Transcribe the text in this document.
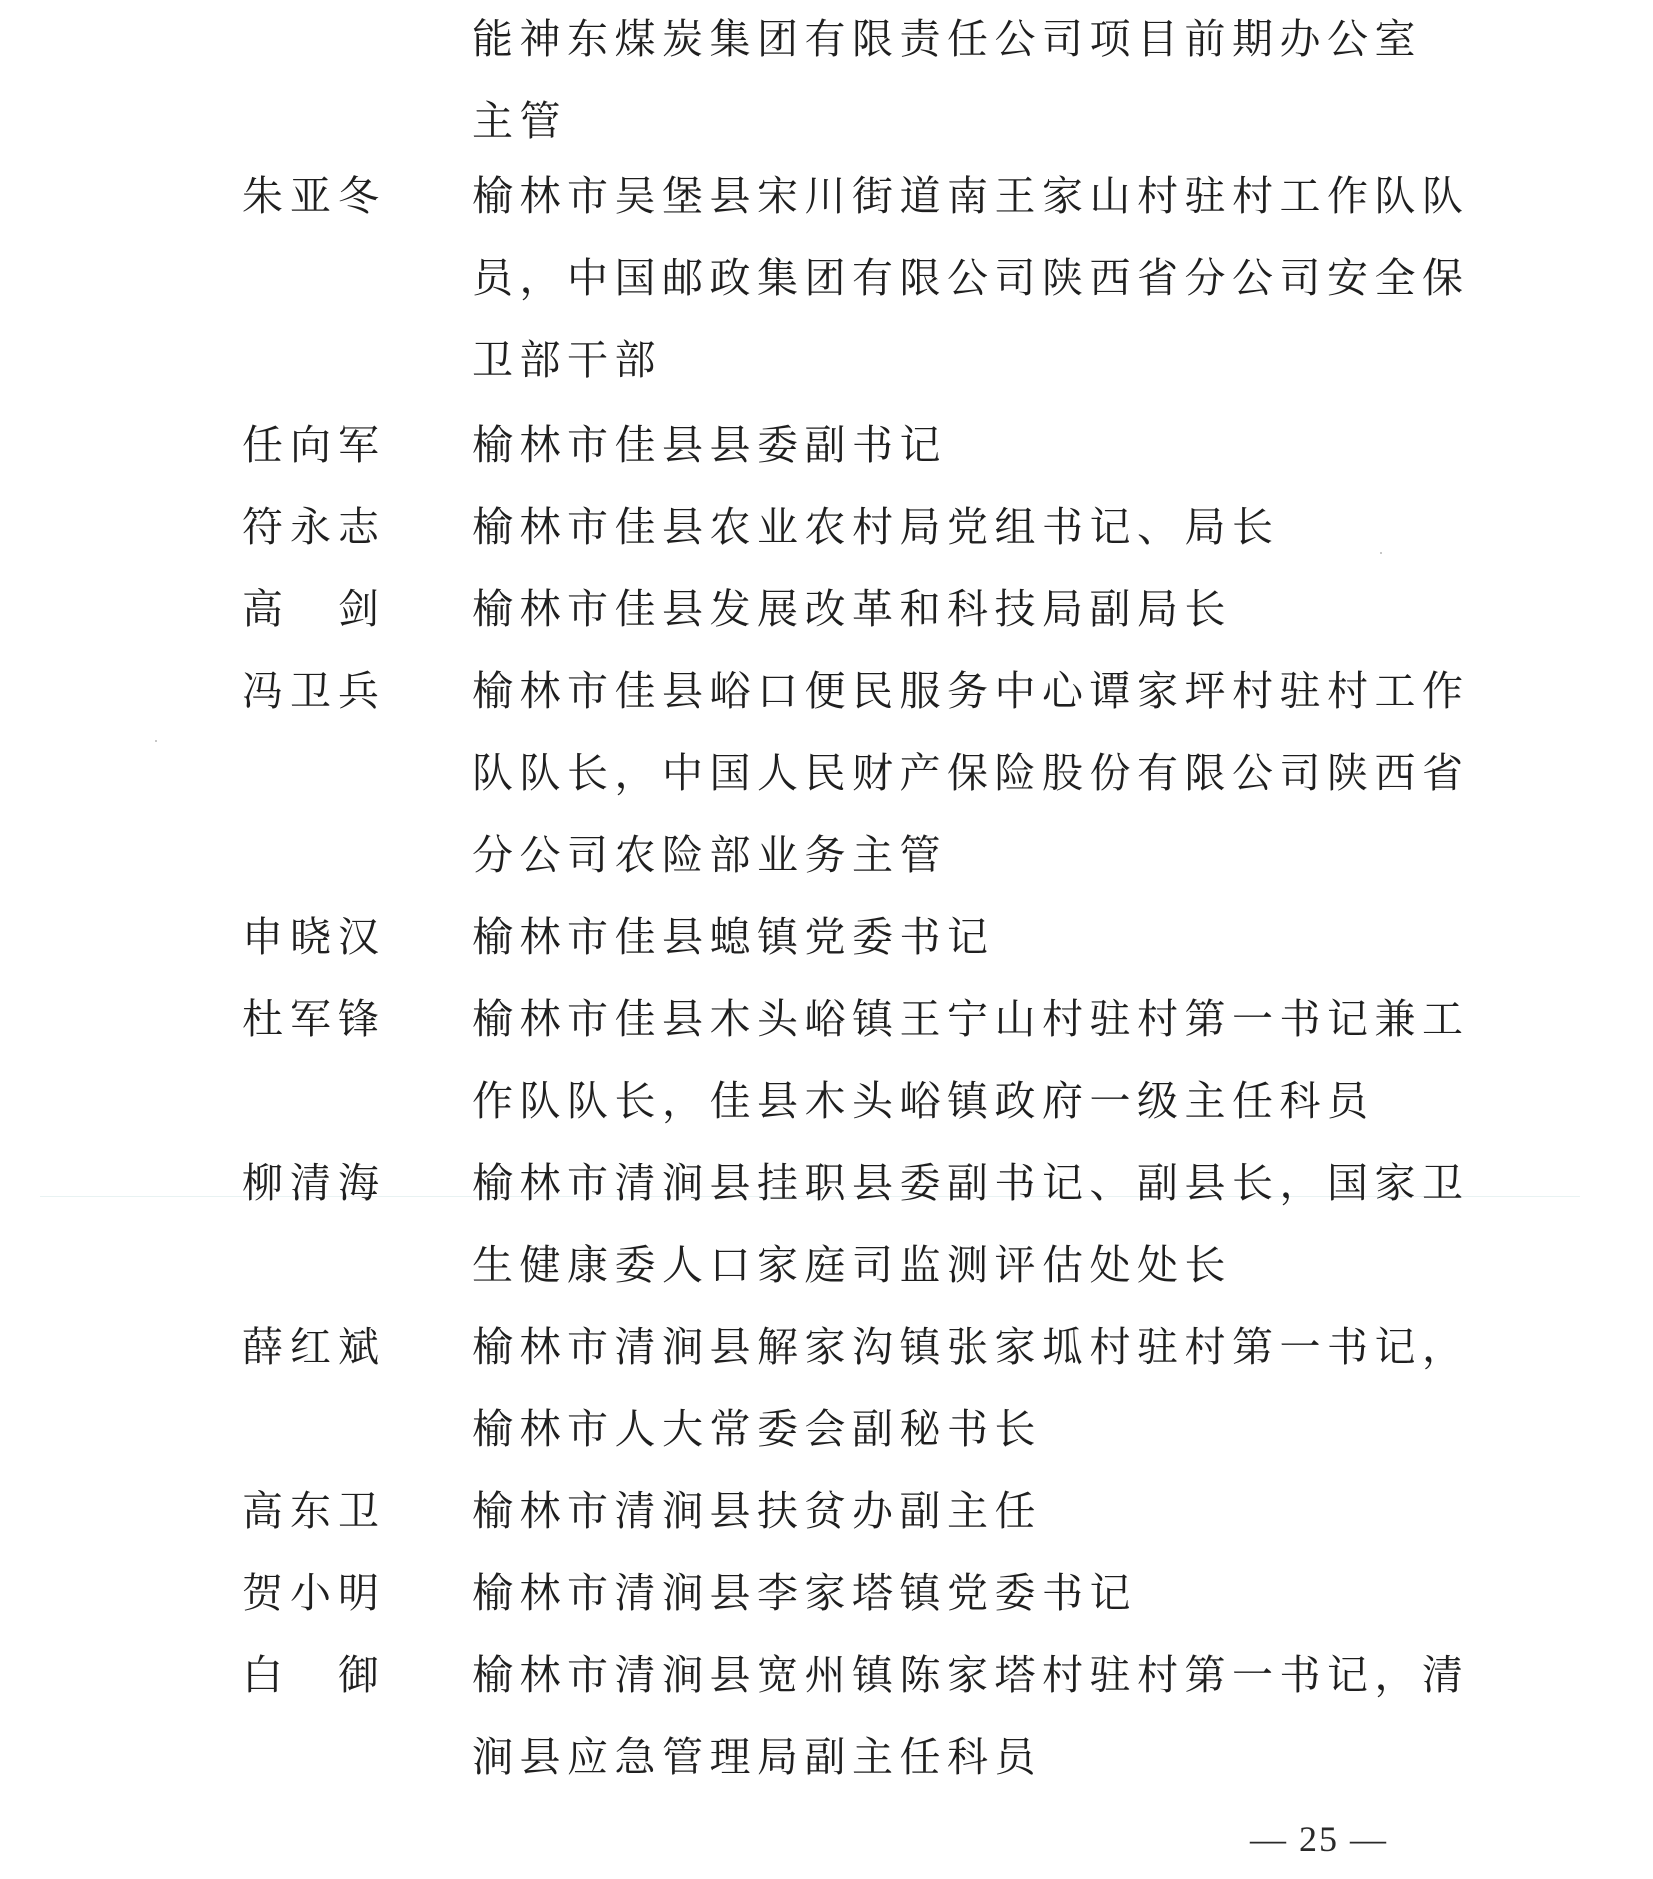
能神东煤炭集团有限责任公司项目前期办公室
主管
朱亚冬 榆林市吴堡县宋川街道南王家山村驻村工作队队
员，中国邮政集团有限公司陕西省分公司安全保
卫部干部
任向军 榆林市佳县县委副书记
符永志 榆林市佳县农业农村局党组书记、局长
高　剑 榆林市佳县发展改革和科技局副局长
冯卫兵 榆林市佳县峪口便民服务中心谭家坪村驻村工作
队队长，中国人民财产保险股份有限公司陕西省
分公司农险部业务主管
申晓汉 榆林市佳县螅镇党委书记
杜军锋 榆林市佳县木头峪镇王宁山村驻村第一书记兼工
作队队长，佳县木头峪镇政府一级主任科员
柳清海 榆林市清涧县挂职县委副书记、副县长，国家卫
生健康委人口家庭司监测评估处处长
薛红斌 榆林市清涧县解家沟镇张家坬村驻村第一书记，
榆林市人大常委会副秘书长
高东卫 榆林市清涧县扶贫办副主任
贺小明 榆林市清涧县李家塔镇党委书记
白　御 榆林市清涧县宽州镇陈家塔村驻村第一书记，清
涧县应急管理局副主任科员
— 25 —
